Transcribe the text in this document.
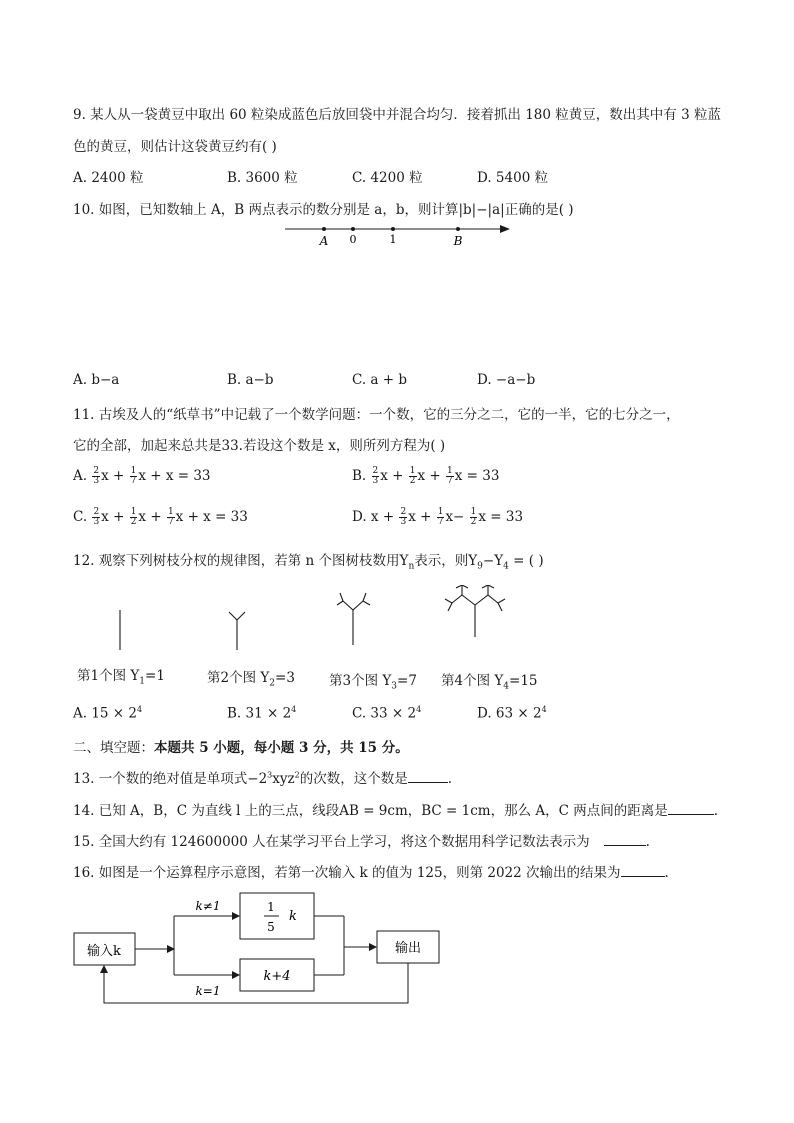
9. 某人从一袋黄豆中取出 60 粒染成蓝色后放回袋中并混合均匀．接着抓出 180 粒黄豆，数出其中有 3 粒蓝
色的黄豆，则估计这袋黄豆约有( )
A. 2400 粒	B. 3600 粒	C. 4200 粒	D. 5400 粒
10. 如图，已知数轴上 A，B 两点表示的数分别是 a，b，则计算|b|−|a|正确的是( )
A 0	1	B
A. b−a	B. a−b	C. a + b	D. −a−b
11. 古埃及人的“纸草书”中记载了一个数学问题：一个数，它的三分之二，它的一半，它的七分之一，
它的全部，加起来总共是33.若设这个数是 x，则所列方程为( )
A. $\frac{2}{3}$ $x + \frac{1}{7}$ x + x = 33	B. $\frac{2}{3}$ $x + \frac{1}{2}$ $x + \frac{1}{7}$ x = 33
C. $\frac{2}{3}$ $x + \frac{1}{2}$ $x + \frac{1}{7}$ x + x = 33	D. $x + \frac{2}{3}$ $x + \frac{1}{7} x- \frac{1}{2}$ x = 33
12. 观察下列树枝分杈的规律图，若第 n 个图树枝数用$Y_n$表示，则$Y_9-Y_4$ = ( )
第1个图 $Y_1=1$	第2个图 $Y_2=3$	第3个图 $Y_3=7$ 第4个图 $Y_4=15$
A. $15 \times 2^4$	B. $31 \times 2^4$	C. $33 \times 2^4$	D. $63 \times 2^4$
二、填空题：本题共 5 小题，每小题 3 分，共 15 分。
13. 一个数的绝对值是单项式$-2^3xyz^2$的次数，这个数是	.
14. 已知 A，B，C 为直线 l 上的三点，线段AB = 9cm，BC = 1cm，那么 A，C 两点间的距离是	.
15. 全国大约有 124600000 人在某学习平台上学习，将这个数据用科学记数法表示为	.
16. 如图是一个运算程序示意图，若第一次输入 k 的值为 125，则第 2022 次输出的结果为	.
输入k
k≠1
k=1
1
5
k
k+4
输出
